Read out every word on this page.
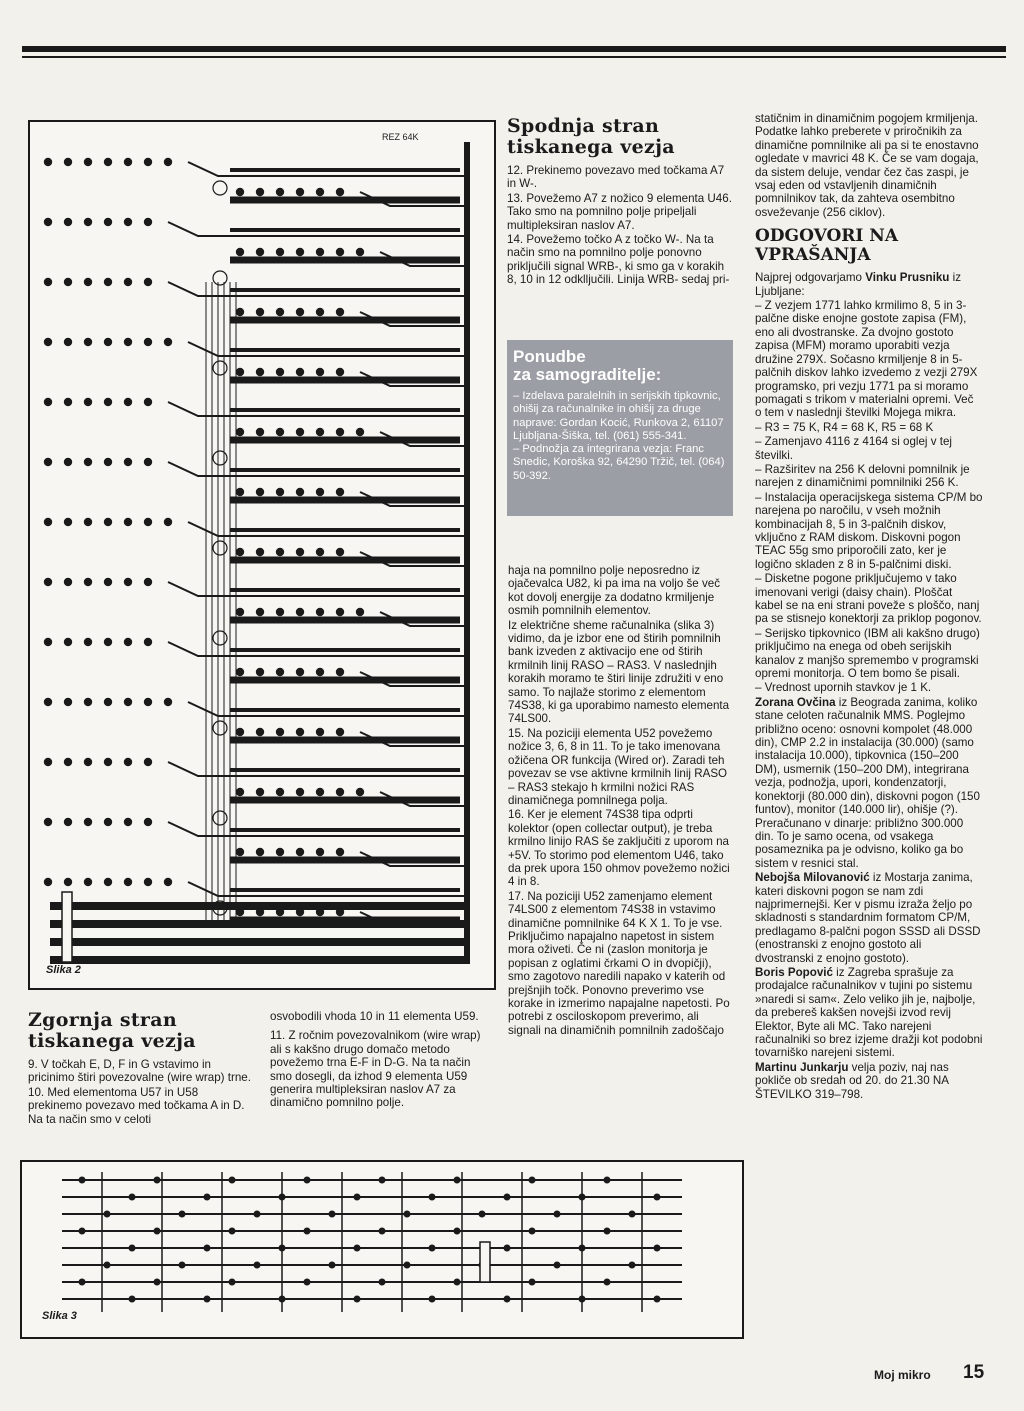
REZ 64K
Slika 2
Spodnja stran
tiskanega vezja

12. Prekinemo povezavo med točkama A7 in W-.

13. Povežemo A7 z nožico 9 elementa U46. Tako smo na pomnilno polje pripeljali multipleksiran naslov A7.

14. Povežemo točko A z točko W-. Na ta način smo na pomnilno polje ponovno priključili signal WRB-, ki smo ga v korakih 8, 10 in 12 odklljučili. Linija WRB- sedaj pri-

Ponudbe
za samograditelje:

– Izdelava paralelnih in serijskih tipkovnic, ohišij za računalnike in ohišij za druge naprave: Gordan Kocić, Runkova 2, 61107 Ljubljana-Šiška, tel. (061) 555-341.

– Podnožja za integrirana vezja: Franc Snedic, Koroška 92, 64290 Tržič, tel. (064) 50-392.

haja na pomnilno polje neposredno iz ojačevalca U82, ki pa ima na voljo še več kot dovolj energije za dodatno krmiljenje osmih pomnilnih elementov.

Iz električne sheme računalnika (slika 3) vidimo, da je izbor ene od štirih pomnilnih bank izveden z aktivacijo ene od štirih krmilnih linij RASO – RAS3. V naslednjih korakih moramo te štiri linije združiti v eno samo. To najlaže storimo z elementom 74S38, ki ga uporabimo namesto elementa 74LS00.

15. Na poziciji elementa U52 povežemo nožice 3, 6, 8 in 11. To je tako imenovana ožičena OR funkcija (Wired or). Zaradi teh povezav se vse aktivne krmilnih linij RASO – RAS3 stekajo h krmilni nožici RAS dinamičnega pomnilnega polja.

16. Ker je element 74S38 tipa odprti kolektor (open collectar output), je treba krmilno linijo RAS še zaključiti z uporom na +5V. To storimo pod elementom U46, tako da prek upora 150 ohmov povežemo nožici 4 in 8.

17. Na poziciji U52 zamenjamo element 74LS00 z elementom 74S38 in vstavimo dinamične pomnilnike 64 K X 1. To je vse. Priključimo napajalno napetost in sistem mora oživeti. Če ni (zaslon monitorja je popisan z oglatimi črkami O in dvopičji), smo zagotovo naredili napako v katerih od prejšnjih točk. Ponovno preverimo vse korake in izmerimo napajalne napetosti. Po potrebi z osciloskopom preverimo, ali signali na dinamičnih pomnilnih zadoščajo

Zgornja stran
tiskanega vezja

9. V točkah E, D, F in G vstavimo in pricinimo štiri povezovalne (wire wrap) trne.

10. Med elementoma U57 in U58 prekinemo povezavo med točkama A in D. Na ta način smo v celoti

osvobodili vhoda 10 in 11 elementa U59.

11. Z ročnim povezovalnikom (wire wrap) ali s kakšno drugo domačo metodo povežemo trna E-F in D-G. Na ta način smo dosegli, da izhod 9 elementa U59 generira multipleksiran naslov A7 za dinamično pomnilno polje.

Slika 3

statičnim in dinamičnim pogojem krmiljenja. Podatke lahko preberete v priročnikih za dinamične pomnilnike ali pa si te enostavno ogledate v mavrici 48 K. Če se vam dogaja, da sistem deluje, vendar čez čas zaspi, je vsaj eden od vstavljenih dinamičnih pomnilnikov tak, da zahteva osembitno osveževanje (256 ciklov).

ODGOVORI NA
VPRAŠANJA

Najprej odgovarjamo Vinku Prusniku iz Ljubljane:

– Z vezjem 1771 lahko krmilimo 8, 5 in 3-palčne diske enojne gostote zapisa (FM), eno ali dvostranske. Za dvojno gostoto zapisa (MFM) moramo uporabiti vezja družine 279X. Sočasno krmiljenje 8 in 5-palčnih diskov lahko izvedemo z vezji 279X programsko, pri vezju 1771 pa si moramo pomagati s trikom v materialni opremi. Več o tem v naslednji številki Mojega mikra.

– R3 = 75 K, R4 = 68 K, R5 = 68 K

– Zamenjavo 4116 z 4164 si oglej v tej številki.

– Razširitev na 256 K delovni pomnilnik je narejen z dinamičnimi pomnilniki 256 K.

– Instalacija operacijskega sistema CP/M bo narejena po naročilu, v vseh možnih kombinacijah 8, 5 in 3-palčnih diskov, vključno z RAM diskom. Diskovni pogon TEAC 55g smo priporočili zato, ker je logično skladen z 8 in 5-palčnimi diski.

– Disketne pogone priključujemo v tako imenovani verigi (daisy chain). Ploščat kabel se na eni strani poveže s ploščo, nanj pa se stisnejo konektorji za priklop pogonov.

– Serijsko tipkovnico (IBM ali kakšno drugo) priključimo na enega od obeh serijskih kanalov z manjšo spremembo v programski opremi monitorja. O tem bomo še pisali.

– Vrednost upornih stavkov je 1 K.

Zorana Ovčina iz Beograda zanima, koliko stane celoten računalnik MMS. Poglejmo približno oceno: osnovni kompolet (48.000 din), CMP 2.2 in instalacija (30.000) (samo instalacija 10.000), tipkovnica (150–200 DM), usmernik (150–200 DM), integrirana vezja, podnožja, upori, kondenzatorji, konektorji (80.000 din), diskovni pogon (150 funtov), monitor (140.000 lir), ohišje (?). Preračunano v dinarje: približno 300.000 din. To je samo ocena, od vsakega posameznika pa je odvisno, koliko ga bo sistem v resnici stal.

Nebojša Milovanović iz Mostarja zanima, kateri diskovni pogon se nam zdi najprimernejši. Ker v pismu izraža željo po skladnosti s standardnim formatom CP/M, predlagamo 8-palčni pogon SSSD ali DSSD (enostranski z enojno gostoto ali dvostranski z enojno gostoto).

Boris Popović iz Zagreba sprašuje za prodajalce računalnikov v tujini po sistemu »naredi si sam«. Zelo veliko jih je, najbolje, da prebereš kakšen novejši izvod revij Elektor, Byte ali MC. Tako narejeni računalniki so brez izjeme dražji kot podobni tovarniško narejeni sistemi.

Martinu Junkarju velja poziv, naj nas pokliče ob sredah od 20. do 21.30 NA ŠTEVILKO 319–798.

Moj mikro 15
